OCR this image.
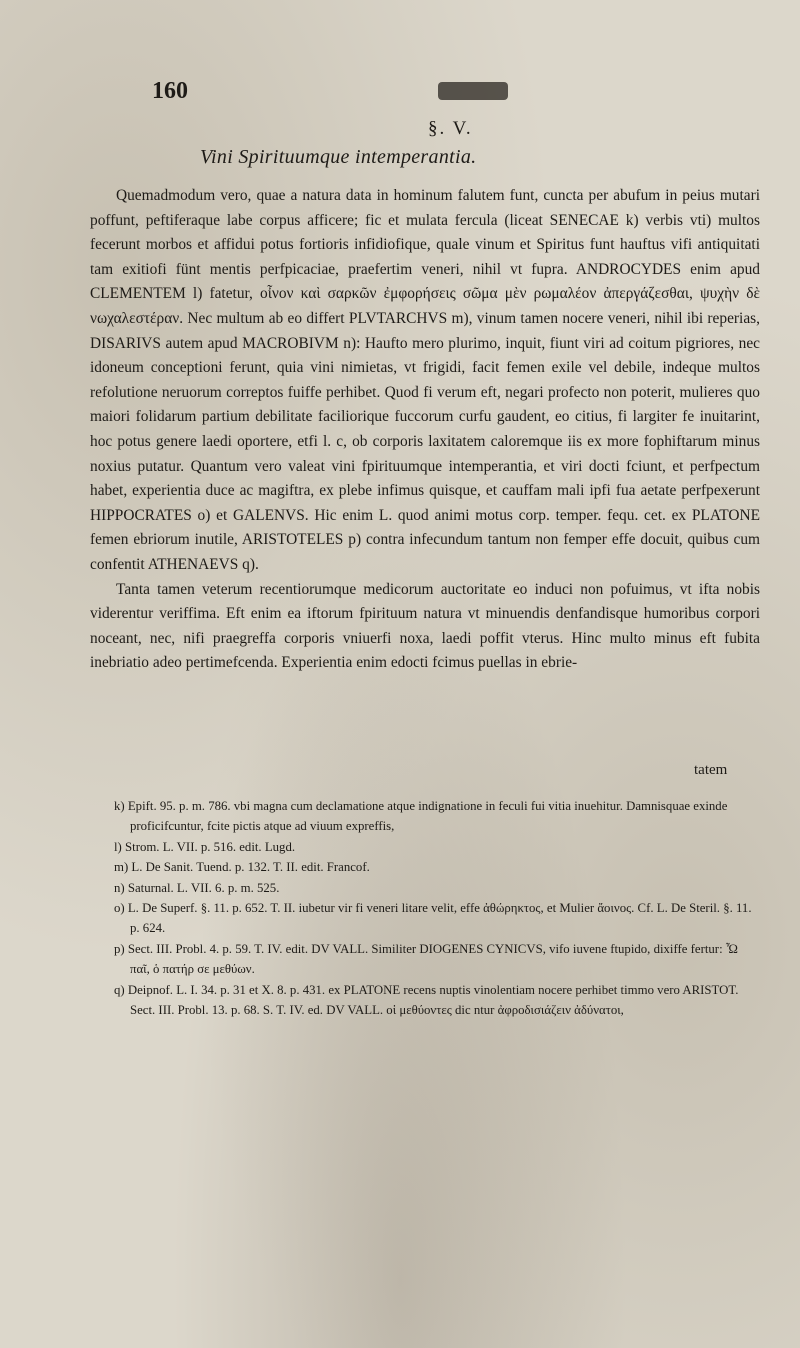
160
§. V.
Vini Spirituumque intemperantia.

Quemadmodum vero, quae a natura data in hominum falutem funt, cuncta per abufum in peius mutari poffunt, peftiferaque labe corpus afficere; fic et mulata fercula (liceat SENECAE k) verbis vti) multos fecerunt morbos et affidui potus fortioris infidiofique, quale vinum et Spiritus funt hauftus vifi antiquitati tam exitiofi fünt mentis perfpicaciae, praefertim veneri, nihil vt fupra. ANDROCYDES enim apud CLEMENTEM l) fatetur, οἶνον καὶ σαρκῶν ἐμφορήσεις σῶμα μὲν ρωμαλέον ἀπεργάζεσθαι, ψυχὴν δὲ νωχαλεστέραν. Nec multum ab eo differt PLVTARCHVS m), vinum tamen nocere veneri, nihil ibi reperias, DISARIVS autem apud MACROBIVM n): Haufto mero plurimo, inquit, fiunt viri ad coitum pigriores, nec idoneum conceptioni ferunt, quia vini nimietas, vt frigidi, facit femen exile vel debile, indeque multos refolutione neruorum correptos fuiffe perhibet. Quod fi verum eft, negari profecto non poterit, mulieres quo maiori folidarum partium debilitate faciliorique fuccorum curfu gaudent, eo citius, fi largiter fe inuitarint, hoc potus genere laedi oportere, etfi l. c, ob corporis laxitatem caloremque iis ex more fophiftarum minus noxius putatur. Quantum vero valeat vini fpirituumque intemperantia, et viri docti fciunt, et perfpectum habet, experientia duce ac magiftra, ex plebe infimus quisque, et cauffam mali ipfi fua aetate perfpexerunt HIPPOCRATES o) et GALENVS. Hic enim L. quod animi motus corp. temper. fequ. cet. ex PLATONE femen ebriorum inutile, ARISTOTELES p) contra infecundum tantum non femper effe docuit, quibus cum confentit ATHENAEVS q).

Tanta tamen veterum recentiorumque medicorum auctoritate eo induci non pofuimus, vt ifta nobis viderentur veriffima. Eft enim ea iftorum fpirituum natura vt minuendis denfandisque humoribus corpori noceant, nec, nifi praegreffa corporis vniuerfi noxa, laedi poffit vterus. Hinc multo minus eft fubita inebriatio adeo pertimefcenda. Experientia enim edocti fcimus puellas in ebrie-

tatem

k) Epift. 95. p. m. 786. vbi magna cum declamatione atque indignatione in feculi fui vitia inuehitur. Damnisquae exinde proficifcuntur, fcite pictis atque ad viuum expreffis,

l) Strom. L. VII. p. 516. edit. Lugd.

m) L. De Sanit. Tuend. p. 132. T. II. edit. Francof.

n) Saturnal. L. VII. 6. p. m. 525.

o) L. De Superf. §. 11. p. 652. T. II. iubetur vir fi veneri litare velit, effe ἀθώρηκτος, et Mulier ἄοινος. Cf. L. De Steril. §. 11. p. 624.

p) Sect. III. Probl. 4. p. 59. T. IV. edit. DV VALL. Similiter DIOGENES CYNICVS, vifo iuvene ftupido, dixiffe fertur: Ὦ παῖ, ὁ πατήρ σε μεθύων.

q) Deipnof. L. I. 34. p. 31 et X. 8. p. 431. ex PLATONE recens nuptis vinolentiam nocere perhibet timmo vero ARISTOT. Sect. III. Probl. 13. p. 68. S. T. IV. ed. DV VALL. οἱ μεθύοντες dic ntur ἀφροδισιάζειν ἀδύνατοι,
